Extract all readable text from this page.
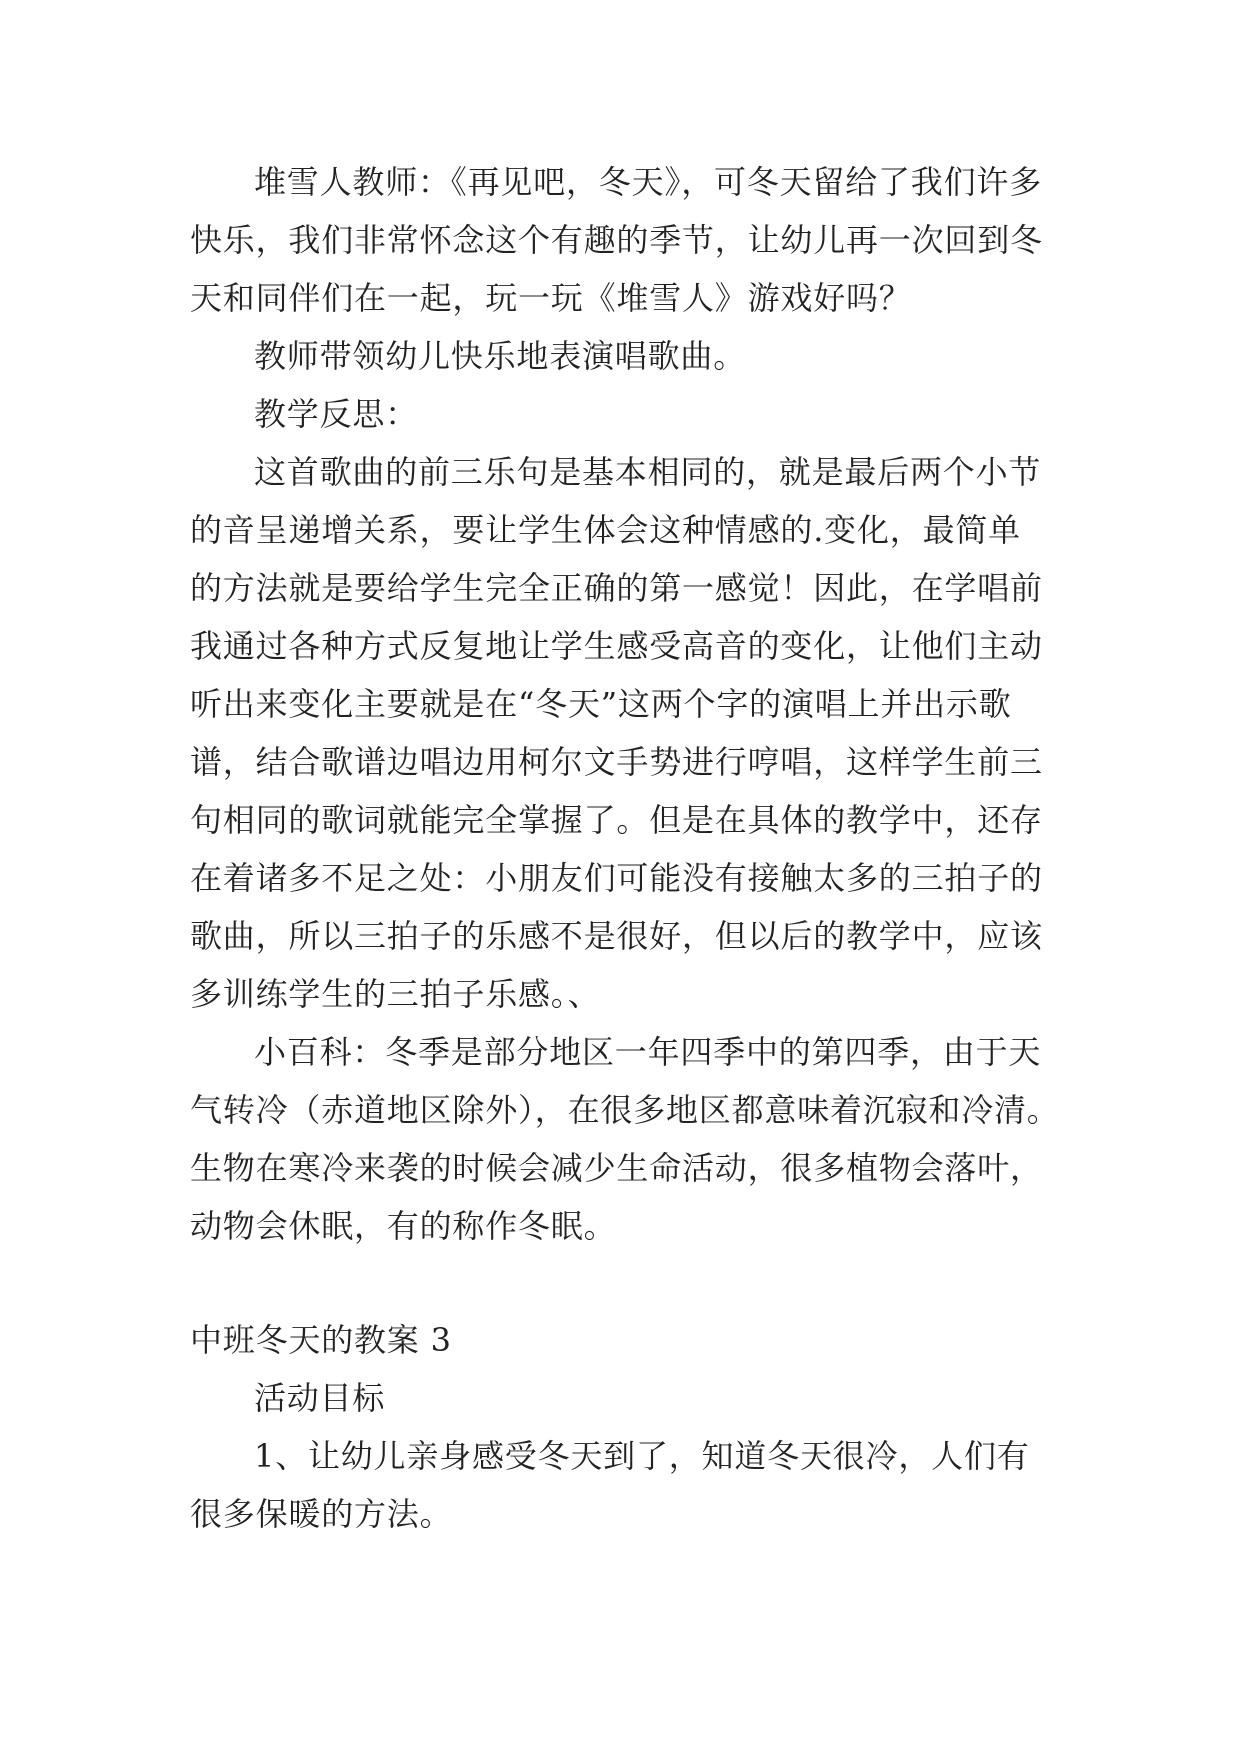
堆雪人教师：《再见吧，冬天》，可冬天留给了我们许多
快乐，我们非常怀念这个有趣的季节，让幼儿再一次回到冬
天和同伴们在一起，玩一玩《堆雪人》游戏好吗？
教师带领幼儿快乐地表演唱歌曲。
教学反思：
这首歌曲的前三乐句是基本相同的，就是最后两个小节
的音呈递增关系，要让学生体会这种情感的.变化，最简单
的方法就是要给学生完全正确的第一感觉！因此，在学唱前
我通过各种方式反复地让学生感受高音的变化，让他们主动
听出来变化主要就是在“冬天”这两个字的演唱上并出示歌
谱，结合歌谱边唱边用柯尔文手势进行哼唱，这样学生前三
句相同的歌词就能完全掌握了。但是在具体的教学中，还存
在着诸多不足之处：小朋友们可能没有接触太多的三拍子的
歌曲，所以三拍子的乐感不是很好，但以后的教学中，应该
多训练学生的三拍子乐感。、
小百科：冬季是部分地区一年四季中的第四季，由于天
气转冷（赤道地区除外），在很多地区都意味着沉寂和冷清。
生物在寒冷来袭的时候会减少生命活动，很多植物会落叶，
动物会休眠，有的称作冬眠。
中班冬天的教案 3
活动目标
1、让幼儿亲身感受冬天到了，知道冬天很冷，人们有
很多保暖的方法。
